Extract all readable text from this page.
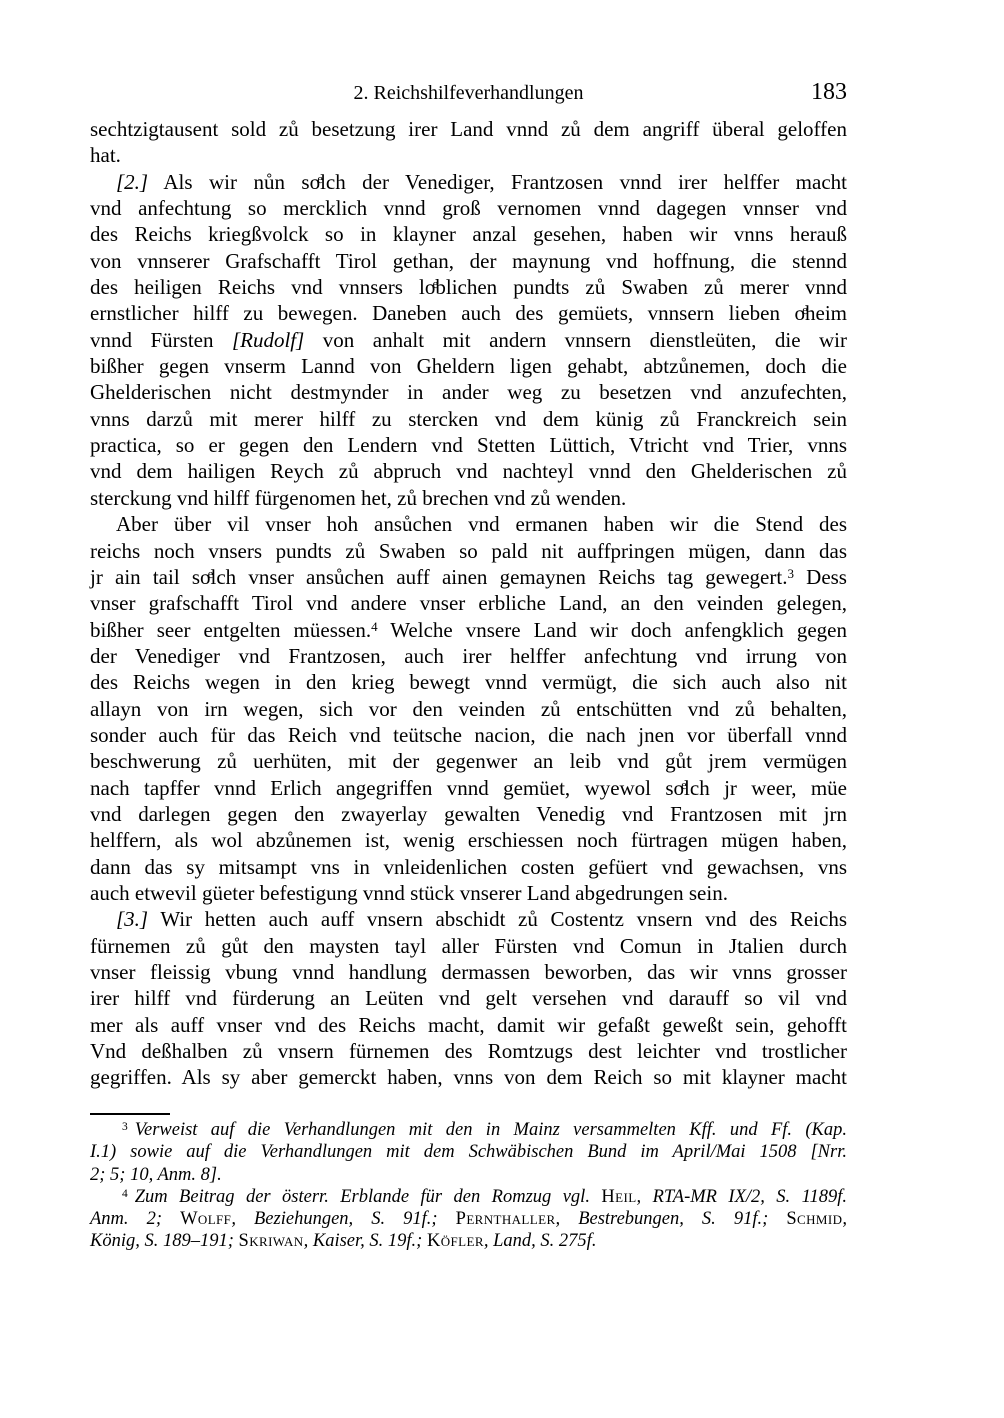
2. Reichshilfeverhandlungen	183
sechtzigtausent sold zů besetzung irer Land vnnd zů dem angriff überal geloffen
hat.
[2.] Als wir nůn soͤlch der Venediger, Frantzosen vnnd irer helffer macht
vnd anfechtung so mercklich vnnd groß vernomen vnnd dagegen vnnser vnd
des Reichs kriegßvolck so in klayner anzal gesehen, haben wir vnns herauß
von vnnserer Grafschafft Tirol gethan, der maynung vnd hoffnung, die stennd
des heiligen Reichs vnd vnnsers loͤblichen pundts zů Swaben zů merer vnnd
ernstlicher hilff zu bewegen. Daneben auch des gemüets, vnnsern lieben oͤheim
vnnd Fürsten [Rudolf] von anhalt mit andern vnnsern dienstleüten, die wir
bißher gegen vnserm Lannd von Gheldern ligen gehabt, abtzůnemen, doch die
Ghelderischen nicht destmynder in ander weg zu besetzen vnd anzufechten,
vnns darzů mit merer hilff zu stercken vnd dem künig zů Franckreich sein
practica, so er gegen den Lendern vnd Stetten Lüttich, Vtricht vnd Trier, vnns
vnd dem hailigen Reych zů abpruch vnd nachteyl vnnd den Ghelderischen zů
sterckung vnd hilff fürgenomen het, zů brechen vnd zů wenden.
Aber über vil vnser hoh ansůchen vnd ermanen haben wir die Stend des
reichs noch vnsers pundts zů Swaben so pald nit auffpringen mügen, dann das
jr ain tail soͤlch vnser ansůchen auff ainen gemaynen Reichs tag gewegert.$^3$ Dess
vnser grafschafft Tirol vnd andere vnser erbliche Land, an den veinden gelegen,
bißher seer entgelten müessen.$^4$ Welche vnsere Land wir doch anfengklich gegen
der Venediger vnd Frantzosen, auch irer helffer anfechtung vnd irrung von
des Reichs wegen in den krieg bewegt vnnd vermügt, die sich auch also nit
allayn von irn wegen, sich vor den veinden zů entschütten vnd zů behalten,
sonder auch für das Reich vnd teütsche nacion, die nach jnen vor überfall vnnd
beschwerung zů uerhüten, mit der gegenwer an leib vnd gůt jrem vermügen
nach tapffer vnnd Erlich angegriffen vnnd gemüet, wyewol soͤlch jr weer, müe
vnd darlegen gegen den zwayerlay gewalten Venedig vnd Frantzosen mit jrn
helffern, als wol abzůnemen ist, wenig erschiessen noch fürtragen mügen haben,
dann das sy mitsampt vns in vnleidenlichen costen gefüert vnd gewachsen, vns
auch etwevil güeter befestigung vnnd stück vnserer Land abgedrungen sein.
[3.] Wir hetten auch auff vnsern abschidt zů Costentz vnsern vnd des Reichs
fürnemen zů gůt den maysten tayl aller Fürsten vnd Comun in Jtalien durch
vnser fleissig vbung vnnd handlung dermassen beworben, das wir vnns grosser
irer hilff vnd fürderung an Leüten vnd gelt versehen vnd darauff so vil vnd
mer als auff vnser vnd des Reichs macht, damit wir gefaßt geweßt sein, gehofft
Vnd deßhalben zů vnsern fürnemen des Romtzugs dest leichter vnd trostlicher
gegriffen. Als sy aber gemerckt haben, vnns von dem Reich so mit klayner macht
$^3$ Verweist auf die Verhandlungen mit den in Mainz versammelten Kff. und Ff. (Kap.
I.1) sowie auf die Verhandlungen mit dem Schwäbischen Bund im April/Mai 1508 [Nrr.
2; 5; 10, Anm. 8].
$^4$ Zum Beitrag der österr. Erblande für den Romzug vgl. Heil, RTA-MR IX/2, S. 1189f.
Anm. 2; Wolff, Beziehungen, S. 91f.; Pernthaller, Bestrebungen, S. 91f.; Schmid,
König, S. 189–191; Skriwan, Kaiser, S. 19f.; Köfler, Land, S. 275f.
